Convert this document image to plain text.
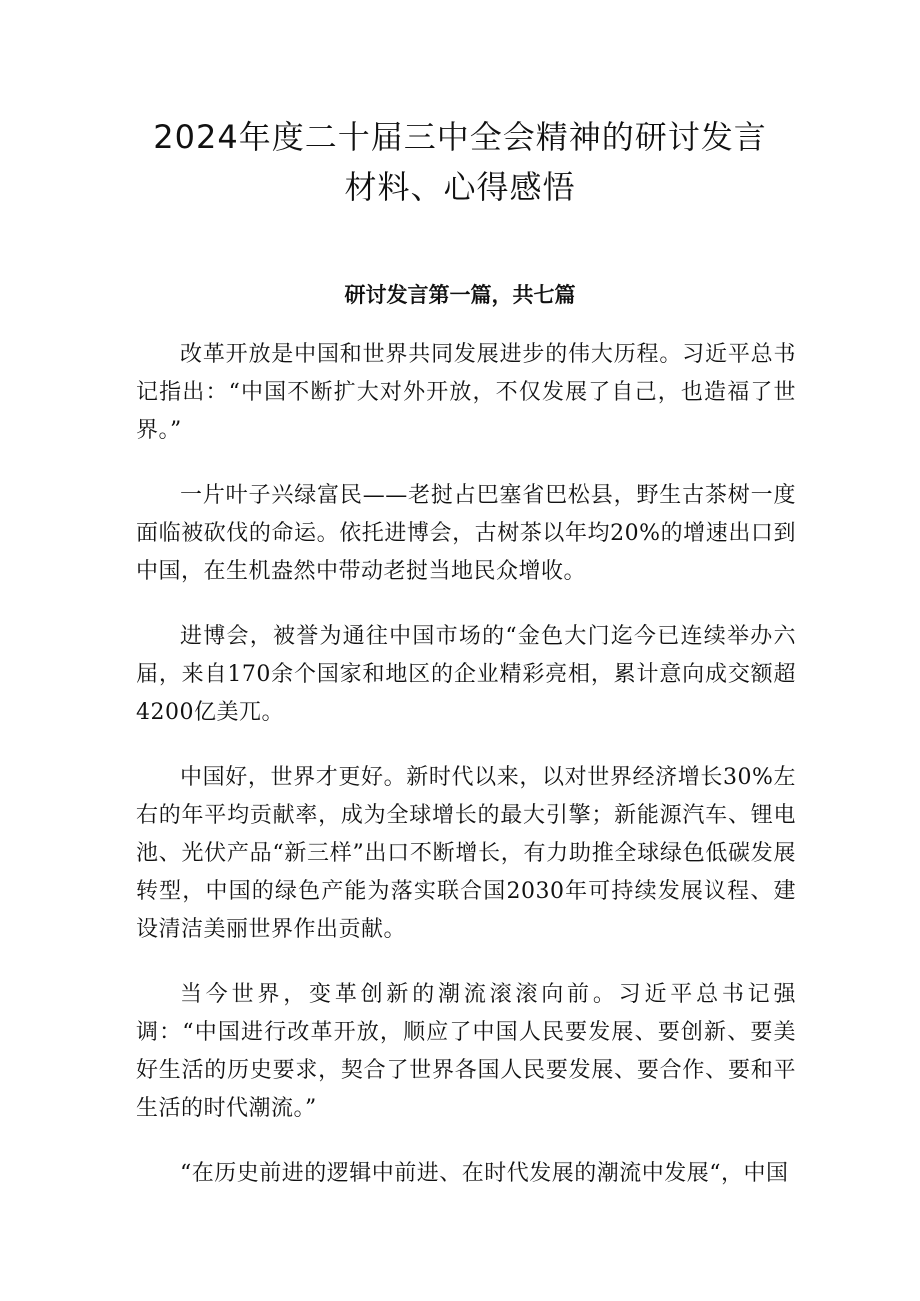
2024年度二十届三中全会精神的研讨发言
材料、心得感悟
研讨发言第一篇，共七篇

改革开放是中国和世界共同发展进步的伟大历程。习近平总书记指出：“中国不断扩大对外开放，不仅发展了自己，也造福了世界。”

一片叶子兴绿富民——老挝占巴塞省巴松县，野生古茶树一度面临被砍伐的命运。依托进博会，古树茶以年均20%的增速出口到中国，在生机盎然中带动老挝当地民众增收。

进博会，被誉为通往中国市场的“金色大门迄今已连续举办六届，来自170余个国家和地区的企业精彩亮相，累计意向成交额超4200亿美兀。

中国好，世界才更好。新时代以来，以对世界经济增长30%左右的年平均贡献率，成为全球增长的最大引擎；新能源汽车、锂电池、光伏产品“新三样”出口不断增长，有力助推全球绿色低碳发展转型，中国的绿色产能为落实联合国2030年可持续发展议程、建设清洁美丽世界作出贡献。

当今世界，变革创新的潮流滚滚向前。习近平总书记强调：“中国进行改革开放，顺应了中国人民要发展、要创新、要美好生活的历史要求，契合了世界各国人民要发展、要合作、要和平生活的时代潮流。”

“在历史前进的逻辑中前进、在时代发展的潮流中发展“，中国
